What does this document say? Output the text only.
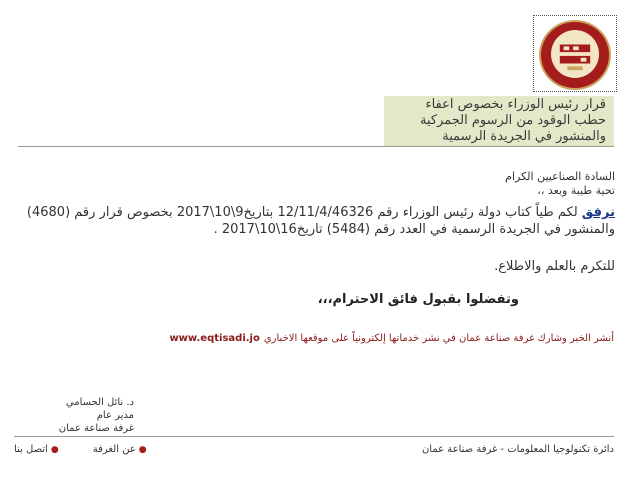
قرار رئيس الوزراء بخصوص اعفاء
حطب الوقود من الرسوم الجمركية
والمنشور في الجريدة الرسمية
السادة الصناعيين الكرام
تحية طيبة وبعد ،،
نرفق لكم طياً كتاب دولة رئيس الوزراء رقم 12/11/4/46326 بتاريخ9\10\2017 بخصوص قرار رقم (4680)
والمنشور في الجريدة الرسمية في العدد رقم (5484) تاريخ16\10\2017 .
للتكرم بالعلم والاطلاع.
وتفضلوا بقبول فائق الاحترام،،،
أنشر الخبر وشارك غرفة صناعة عمان في نشر خدماتها إلكترونياً على موقعها الاخباري
www.eqtisadi.jo
د. نائل الحسامي
مدير عام
غرفة صناعة عمان
دائرة تكنولوجيا المعلومات - غرفة صناعة عمان
●عن الغرفة
●اتصل بنا
